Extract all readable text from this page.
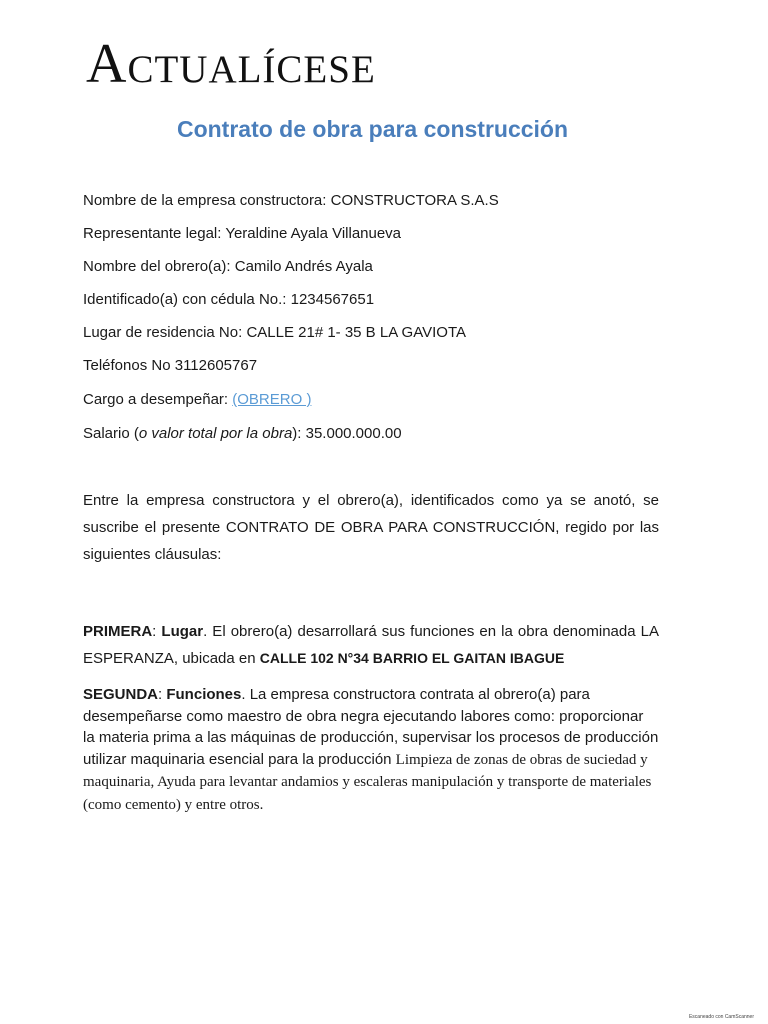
Actualícese
Contrato de obra para construcción
Nombre de la empresa constructora: CONSTRUCTORA S.A.S
Representante legal: Yeraldine Ayala Villanueva
Nombre del obrero(a): Camilo Andrés Ayala
Identificado(a) con cédula No.: 1234567651
Lugar de residencia No: CALLE 21# 1- 35 B LA GAVIOTA
Teléfonos No 3112605767
Cargo a desempeñar: (OBRERO )
Salario (o valor total por la obra): 35.000.000.00
Entre la empresa constructora y el obrero(a), identificados como ya se anotó, se suscribe el presente CONTRATO DE OBRA PARA CONSTRUCCIÓN, regido por las siguientes cláusulas:
PRIMERA: Lugar. El obrero(a) desarrollará sus funciones en la obra denominada LA ESPERANZA, ubicada en CALLE 102 N°34 BARRIO EL GAITAN IBAGUE
SEGUNDA: Funciones. La empresa constructora contrata al obrero(a) para desempeñarse como maestro de obra negra ejecutando labores como: proporcionar la materia prima a las máquinas de producción, supervisar los procesos de producción utilizar maquinaria esencial para la producción Limpieza de zonas de obras de suciedad y maquinaria, Ayuda para levantar andamios y escaleras manipulación y transporte de materiales (como cemento) y entre otros.
Escaneado con CamScanner
